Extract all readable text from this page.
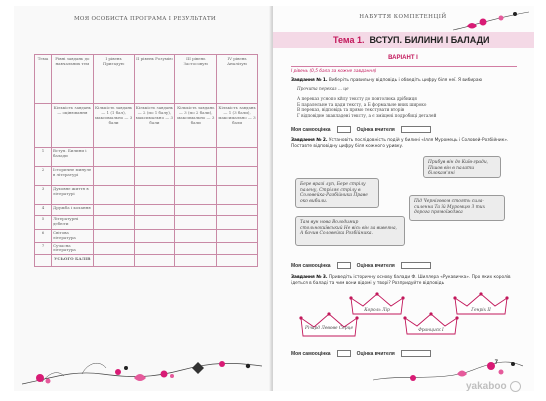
МОЯ ОСОБИСТА ПРОГРАМА І РЕЗУЛЬТАТИ
Тема	Рівні завдань до навчальних тем	І рівень Пригадую	ІІ рівень Розумію	ІІІ рівень Застосовую	IV рівень Аналізую
	Кількість завдань — оцінювання	Кількість завдань — 1 (1 бал), максимально — 3 бали	Кількість завдань — 2 (по 1 балу), максимально — 3 бали	Кількість завдань — 3 (по 2 бали), максимально — 3 бали	Кількість завдань — 1 (3 бали), максимально — 3 бали
1	Вступ. Билини і балади				
2	Історичне минуле в літературі				
3	Духовне життя в літературі				
4	Дружба і кохання				
5	Літературні дебюти				
6	Світова література				
7	Сучасна література				
	УСЬОГО БАЛІВ				
НАБУТТЯ КОМПЕТЕНЦІЙ
Тема 1. ВСТУП. БИЛИНИ І БАЛАДИ
ВАРІАНТ І
І рівень (0,5 бала за кожне завдання)
Завдання № 1. Виберіть правильну відповідь і обведіть цифру біля неї. Я вибираю
Прочита переказ ... це
А переказ уснопо кйлу тексту до повтолюка дрібниця
Б паралельне та цади тексту, а Б формальне вних широко
В переказ, відповідь та прямо текстувати вторів
Г відповідне зкакладені тексту, а є зміщені подробиці деталей
Моя самооцінка	Оцінка вчителя
Завдання № 2. Установіть послідовність подій у билині «Ілля Муромець і Соловей-Розбійник». Поставте відповідну цифру біля кожного уривку.
Прибув він до Київ-гради, Пішов він в палати білокам'яні
Бере вразі луп, Бере стрілу палену, Стріляє стрілу в Соловейка-Разбійника Праве око вибили.	Під Черніговом стоять сила-силенна Та їй Муромцю З тих дорога прямоїжджа
Там вун нова Володимир стольнокиївський Не вісь він за вивеяна, А бачив Соловейка Розбійника.
Моя самооцінка	Оцінка вчителя
Завдання № 3. Приведіть історичну основу балади Ф. Шиллера «Рукавичка». Про яких королів ідеться в баладі та чим вони відомі у творі? Розпридуйте відповідь
Король Лір	Генріх II
Річард Левове Серце	Франциск І
Моя самооцінка	Оцінка вчителя
7
yakaboo
